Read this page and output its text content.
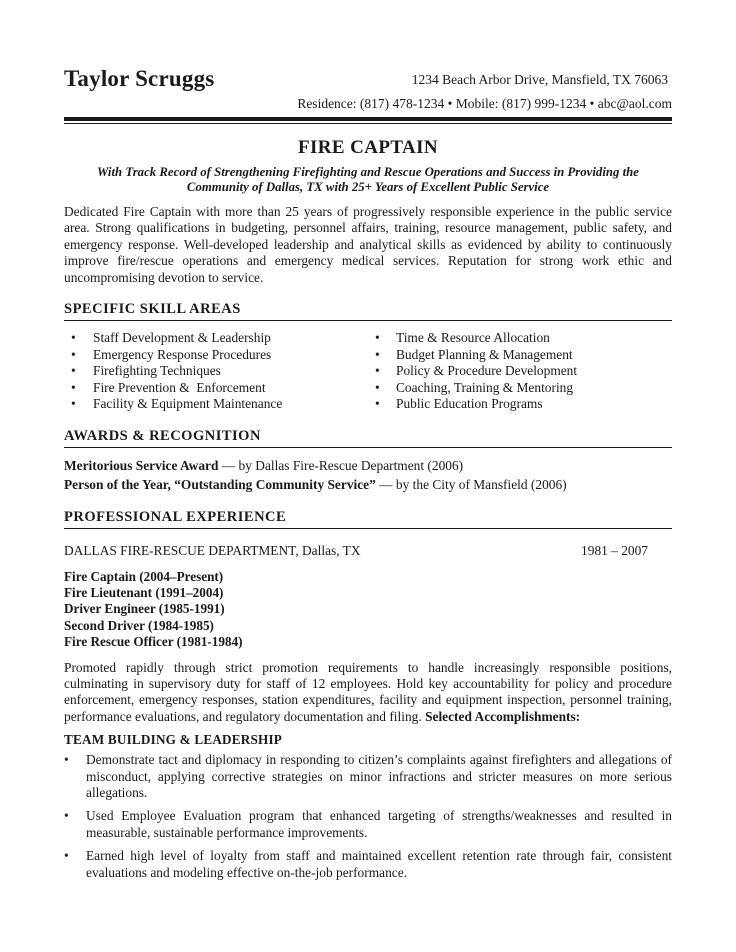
Taylor Scruggs	1234 Beach Arbor Drive, Mansfield, TX 76063
Residence: (817) 478-1234 • Mobile: (817) 999-1234 • abc@aol.com
FIRE CAPTAIN
With Track Record of Strengthening Firefighting and Rescue Operations and Success in Providing the Community of Dallas, TX with 25+ Years of Excellent Public Service
Dedicated Fire Captain with more than 25 years of progressively responsible experience in the public service area. Strong qualifications in budgeting, personnel affairs, training, resource management, public safety, and emergency response. Well-developed leadership and analytical skills as evidenced by ability to continuously improve fire/rescue operations and emergency medical services. Reputation for strong work ethic and uncompromising devotion to service.
SPECIFIC SKILL AREAS
• Staff Development & Leadership
• Emergency Response Procedures
• Firefighting Techniques
• Fire Prevention &  Enforcement
• Facility & Equipment Maintenance
• Time & Resource Allocation
• Budget Planning & Management
• Policy & Procedure Development
• Coaching, Training & Mentoring
• Public Education Programs
AWARDS & RECOGNITION
Meritorious Service Award — by Dallas Fire-Rescue Department (2006)
Person of the Year, “Outstanding Community Service” — by the City of Mansfield (2006)
PROFESSIONAL EXPERIENCE
DALLAS FIRE-RESCUE DEPARTMENT, Dallas, TX	1981 – 2007
Fire Captain (2004–Present)
Fire Lieutenant (1991–2004)
Driver Engineer (1985-1991)
Second Driver (1984-1985)
Fire Rescue Officer (1981-1984)
Promoted rapidly through strict promotion requirements to handle increasingly responsible positions, culminating in supervisory duty for staff of 12 employees. Hold key accountability for policy and procedure enforcement, emergency responses, station expenditures, facility and equipment inspection, personnel training, performance evaluations, and regulatory documentation and filing. Selected Accomplishments:
TEAM BUILDING & LEADERSHIP
• Demonstrate tact and diplomacy in responding to citizen’s complaints against firefighters and allegations of misconduct, applying corrective strategies on minor infractions and stricter measures on more serious allegations.
• Used Employee Evaluation program that enhanced targeting of strengths/weaknesses and resulted in measurable, sustainable performance improvements.
• Earned high level of loyalty from staff and maintained excellent retention rate through fair, consistent evaluations and modeling effective on-the-job performance.
